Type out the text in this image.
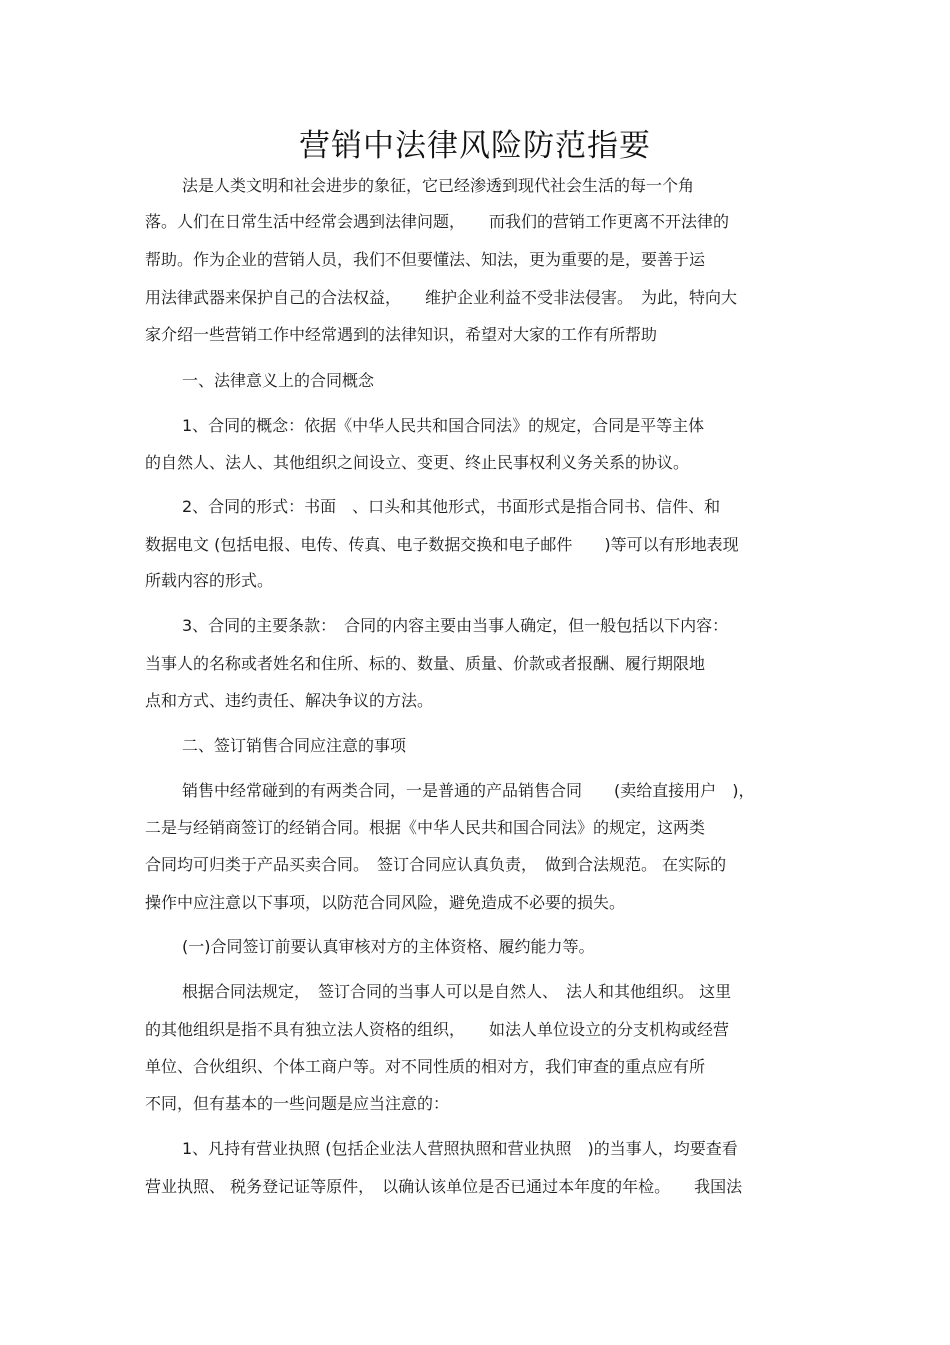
营销中法律风险防范指要
法是人类文明和社会进步的象征，它已经渗透到现代社会生活的每一个角
落。人们在日常生活中经常会遇到法律问题，　　而我们的营销工作更离不开法律的
帮助。作为企业的营销人员，我们不但要懂法、知法，更为重要的是，要善于运
用法律武器来保护自己的合法权益，　　维护企业利益不受非法侵害。　为此，特向大
家介绍一些营销工作中经常遇到的法律知识，希望对大家的工作有所帮助
一、法律意义上的合同概念
1、合同的概念：依据《中华人民共和国合同法》的规定，合同是平等主体
的自然人、法人、其他组织之间设立、变更、终止民事权利义务关系的协议。
2、合同的形式：书面　、口头和其他形式，书面形式是指合同书、信件、和
数据电文 (包括电报、电传、传真、电子数据交换和电子邮件　　)等可以有形地表现
所载内容的形式。
3、合同的主要条款：　合同的内容主要由当事人确定，但一般包括以下内容：
当事人的名称或者姓名和住所、标的、数量、质量、价款或者报酬、履行期限地
点和方式、违约责任、解决争议的方法。
二、签订销售合同应注意的事项
销售中经常碰到的有两类合同，一是普通的产品销售合同　　(卖给直接用户　)，
二是与经销商签订的经销合同。根据《中华人民共和国合同法》的规定，这两类
合同均可归类于产品买卖合同。　签订合同应认真负责，　做到合法规范。 在实际的
操作中应注意以下事项，以防范合同风险，避免造成不必要的损失。
(一)合同签订前要认真审核对方的主体资格、履约能力等。
根据合同法规定，　签订合同的当事人可以是自然人、　法人和其他组织。 这里
的其他组织是指不具有独立法人资格的组织，　　如法人单位设立的分支机构或经营
单位、合伙组织、个体工商户等。对不同性质的相对方，我们审查的重点应有所
不同，但有基本的一些问题是应当注意的：
1、凡持有营业执照 (包括企业法人营照执照和营业执照　)的当事人，均要查看
营业执照、 税务登记证等原件，　以确认该单位是否已通过本年度的年检。　　我国法
